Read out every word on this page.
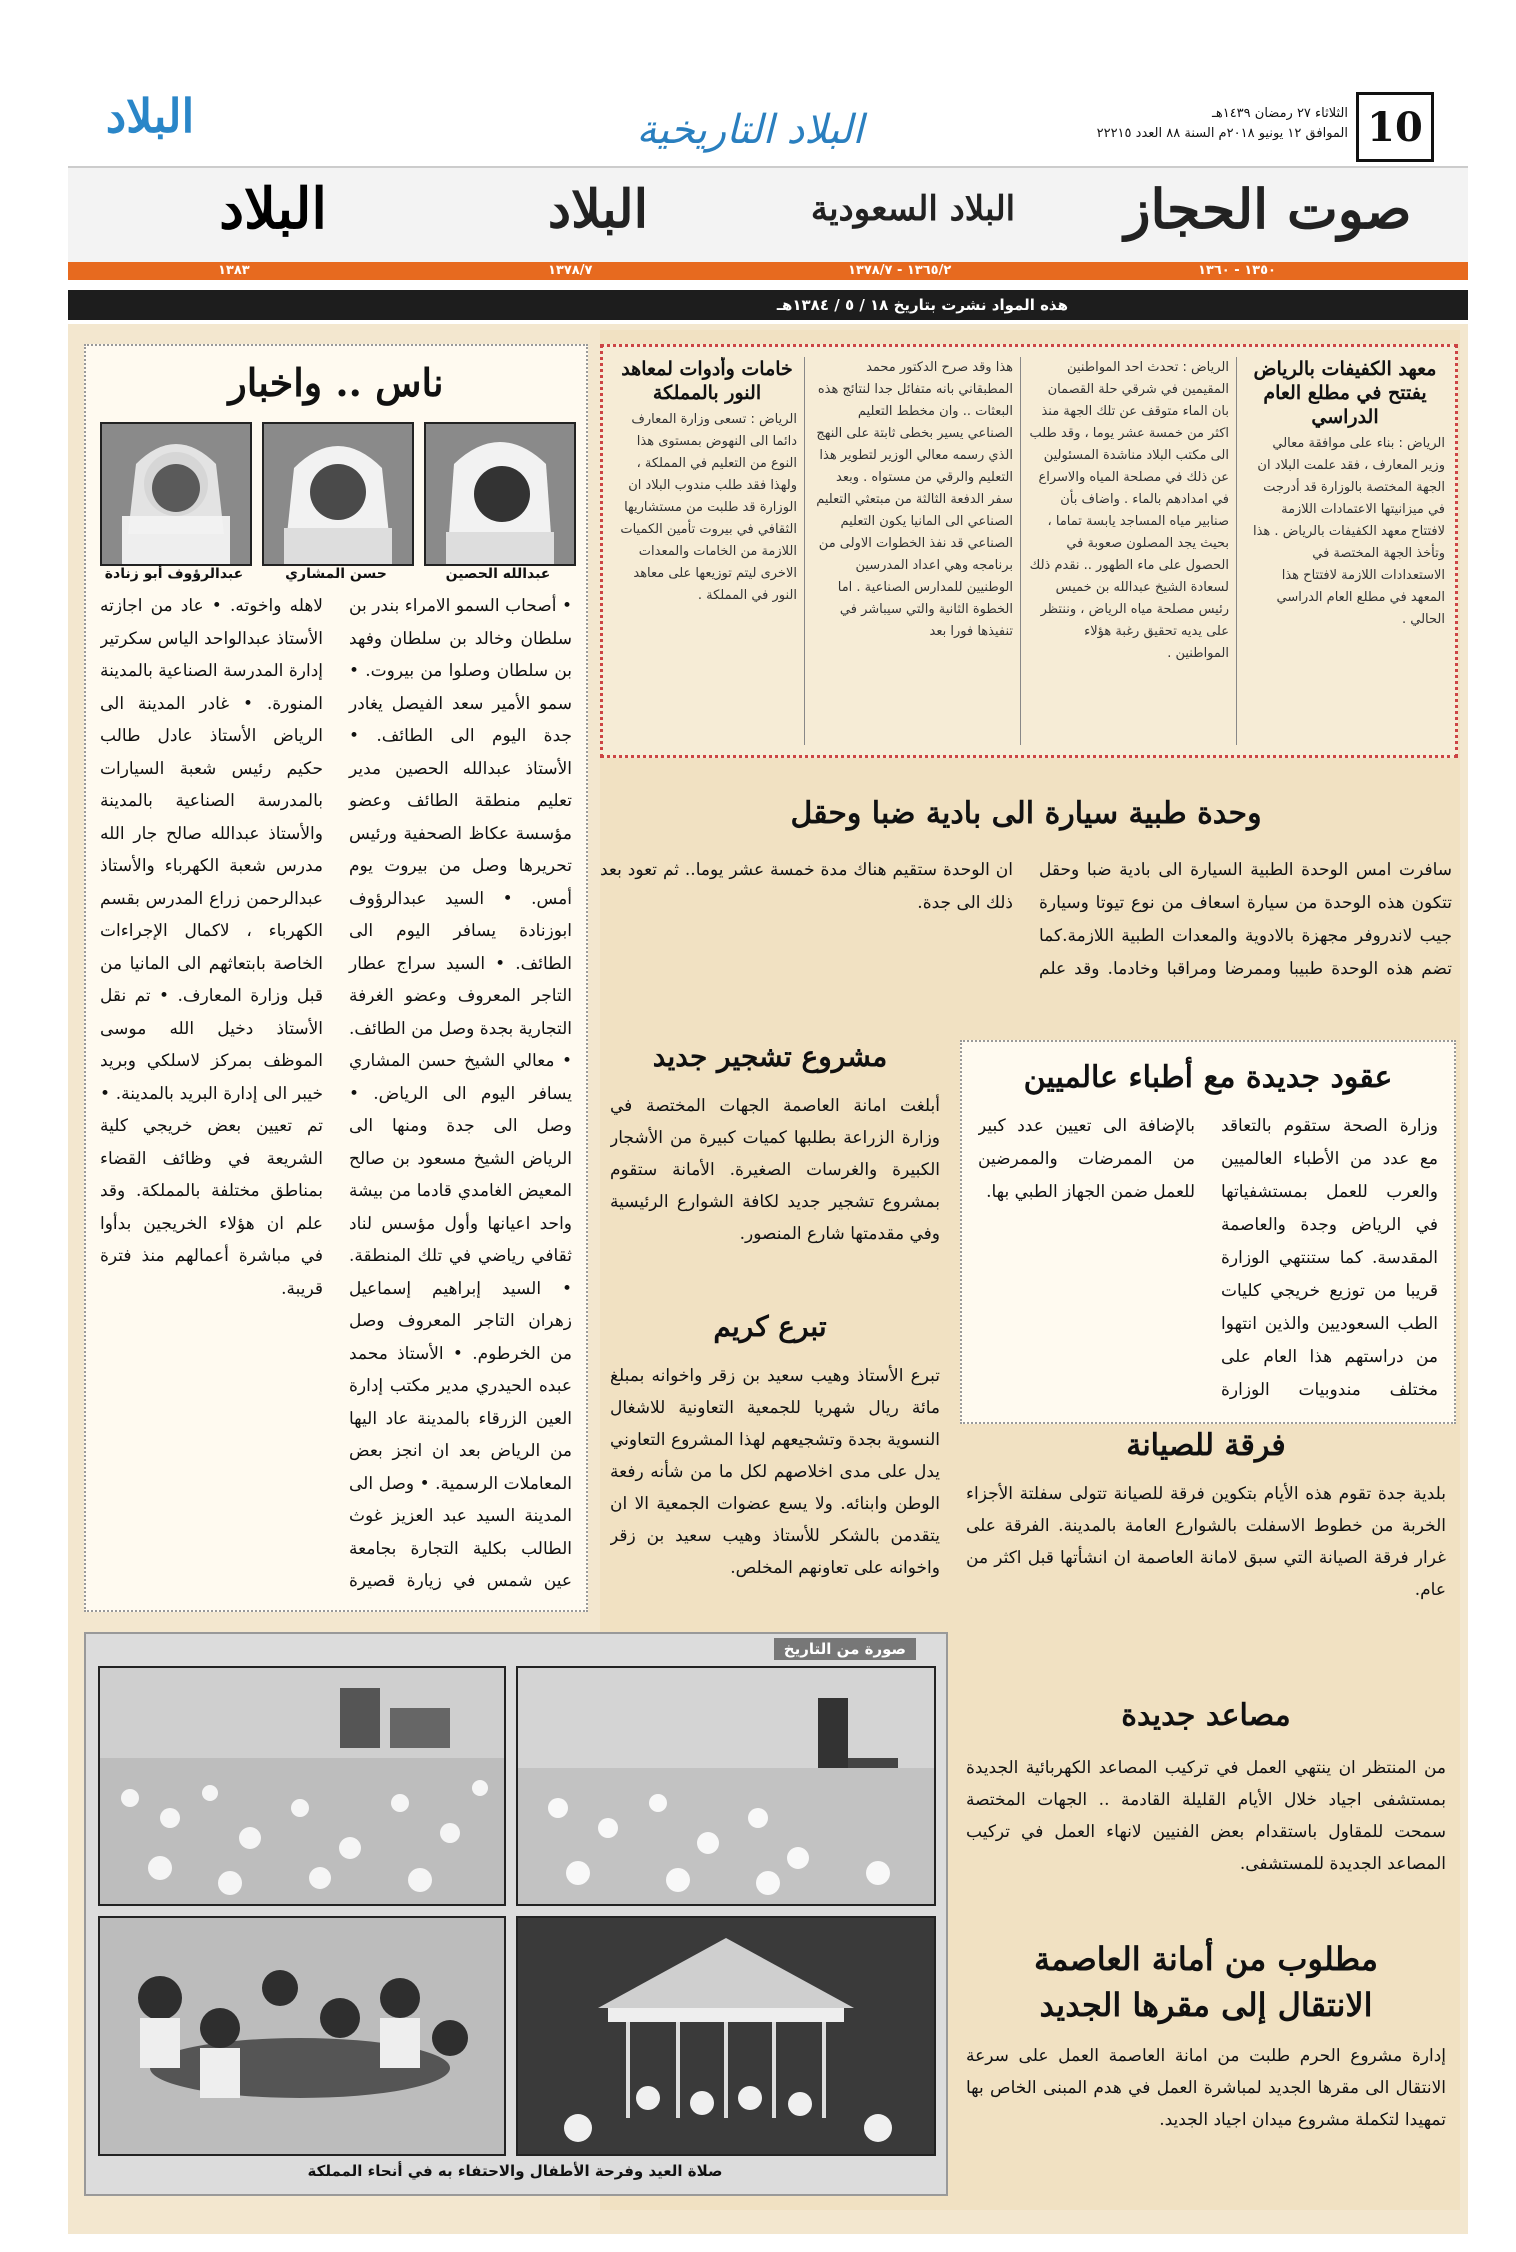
10
الثلاثاء ٢٧ رمضان ١٤٣٩هـ
الموافق ١٢ يونيو ٢٠١٨م السنة ٨٨ العدد ٢٢٢١٥
البلاد التاريخية
البلاد
صوت الحجاز
البلاد السعودية
البلاد
البلاد
١٣٥٠ - ١٣٦٠
١٣٦٥/٢ - ١٣٧٨/٧
١٣٧٨/٧
١٣٨٣
هذه المواد نشرت بتاريخ ١٨ / ٥ / ١٣٨٤هـ
معهد الكفيفات بالرياض يفتتح في مطلع العام الدراسي
الرياض : بناء على موافقة معالي وزير المعارف ، فقد علمت البلاد ان الجهة المختصة بالوزارة قد أدرجت في ميزانيتها الاعتمادات اللازمة لافتتاح معهد الكفيفات بالرياض . هذا وتأخذ الجهة المختصة في الاستعدادات اللازمة لافتتاح هذا المعهد في مطلع العام الدراسي الحالي .
الرياض : تحدث احد المواطنين المقيمين في شرقي حلة القصمان بان الماء متوقف عن تلك الجهة منذ اكثر من خمسة عشر يوما ، وقد طلب الى مكتب البلاد مناشدة المسئولين عن ذلك في مصلحة المياه والاسراع في امدادهم بالماء . واضاف بأن صنابير مياه المساجد يابسة تماما ، بحيث يجد المصلون صعوبة في الحصول على ماء الطهور .. نقدم ذلك لسعادة الشيخ عبدالله بن خميس رئيس مصلحة مياه الرياض ، وننتظر على يديه تحقيق رغبة هؤلاء المواطنين .
هذا وقد صرح الدكتور محمد المطبقاني بانه متفائل جدا لنتائج هذه البعثات .. وان مخطط التعليم الصناعي يسير بخطى ثابتة على النهج الذي رسمه معالي الوزير لتطوير هذا التعليم والرقي من مستواه . وبعد سفر الدفعة الثالثة من مبتعثي التعليم الصناعي الى المانيا يكون التعليم الصناعي قد نفذ الخطوات الاولى من برنامجه وهي اعداد المدرسين الوطنيين للمدارس الصناعية . اما الخطوة الثانية والتي سيباشر في تنفيذها فورا بعد
خامات وأدوات لمعاهد النور بالمملكة
الرياض : تسعى وزارة المعارف دائما الى النهوض بمستوى هذا النوع من التعليم في المملكة ، ولهذا فقد طلب مندوب البلاد ان الوزارة قد طلبت من مستشاريها الثقافي في بيروت تأمين الكميات اللازمة من الخامات والمعدات الاخرى ليتم توزيعها على معاهد النور في المملكة .
ناس .. واخبار
عبدالرؤوف أبو زنادة	حسن المشاري	عبدالله الحصين
• أصحاب السمو الامراء بندر بن سلطان وخالد بن سلطان وفهد بن سلطان وصلوا من بيروت. • سمو الأمير سعد الفيصل يغادر جدة اليوم الى الطائف. • الأستاذ عبدالله الحصين مدير تعليم منطقة الطائف وعضو مؤسسة عكاظ الصحفية ورئيس تحريرها وصل من بيروت يوم أمس. • السيد عبدالرؤوف ابوزنادة يسافر اليوم الى الطائف. • السيد سراج عطار التاجر المعروف وعضو الغرفة التجارية بجدة وصل من الطائف. • معالي الشيخ حسن المشاري يسافر اليوم الى الرياض. • وصل الى جدة ومنها الى الرياض الشيخ مسعود بن صالح المعيض الغامدي قادما من بيشة واحد اعيانها وأول مؤسس لناد ثقافي رياضي في تلك المنطقة. • السيد إبراهيم إسماعيل زهران التاجر المعروف وصل من الخرطوم. • الأستاذ محمد عبده الحيدري مدير مكتب إدارة العين الزرقاء بالمدينة عاد اليها من الرياض بعد ان انجز بعض المعاملات الرسمية. • وصل الى المدينة السيد عبد العزيز غوث الطالب بكلية التجارة بجامعة عين شمس في زيارة قصيرة لاهله واخوته. • عاد من اجازته الأستاذ عبدالواحد الياس سكرتير إدارة المدرسة الصناعية بالمدينة المنورة. • غادر المدينة الى الرياض الأستاذ عادل طالب حكيم رئيس شعبة السيارات بالمدرسة الصناعية بالمدينة والأستاذ عبدالله صالح جار الله مدرس شعبة الكهرباء والأستاذ عبدالرحمن زراع المدرس بقسم الكهرباء ، لاكمال الإجراءات الخاصة بابتعاثهم الى المانيا من قبل وزارة المعارف. • تم نقل الأستاذ دخيل الله موسى الموظف بمركز لاسلكي وبريد خيبر الى إدارة البريد بالمدينة. • تم تعيين بعض خريجي كلية الشريعة في وظائف القضاء بمناطق مختلفة بالمملكة. وقد علم ان هؤلاء الخريجين بدأوا في مباشرة أعمالهم منذ فترة قريبة.
وحدة طبية سيارة الى بادية ضبا وحقل
سافرت امس الوحدة الطبية السيارة الى بادية ضبا وحقل تتكون هذه الوحدة من سيارة اسعاف من نوع تيوتا وسيارة جيب لاندروفر مجهزة بالادوية والمعدات الطبية اللازمة.كما تضم هذه الوحدة طبيبا وممرضا ومراقبا وخادما. وقد علم ان الوحدة ستقيم هناك مدة خمسة عشر يوما.. ثم تعود بعد ذلك الى جدة.
عقود جديدة مع أطباء عالميين
وزارة الصحة ستقوم بالتعاقد مع عدد من الأطباء العالميين والعرب للعمل بمستشفياتها في الرياض وجدة والعاصمة المقدسة. كما ستنتهي الوزارة قريبا من توزيع خريجي كليات الطب السعوديين والذين انتهوا من دراستهم هذا العام على مختلف مندوبيات الوزارة بالإضافة الى تعيين عدد كبير من الممرضات والممرضين للعمل ضمن الجهاز الطبي بها.
مشروع تشجير جديد
أبلغت امانة العاصمة الجهات المختصة في وزارة الزراعة بطلبها كميات كبيرة من الأشجار الكبيرة والغرسات الصغيرة. الأمانة ستقوم بمشروع تشجير جديد لكافة الشوارع الرئيسية وفي مقدمتها شارع المنصور.
تبرع كريم
تبرع الأستاذ وهيب سعيد بن زقر واخوانه بمبلغ مائة ريال شهريا للجمعية التعاونية للاشغال النسوية بجدة وتشجيعهم لهذا المشروع التعاوني يدل على مدى اخلاصهم لكل ما من شأنه رفعة الوطن وابنائه. ولا يسع عضوات الجمعية الا ان يتقدمن بالشكر للأستاذ وهيب سعيد بن زقر واخوانه على تعاونهم المخلص.
فرقة للصيانة
بلدية جدة تقوم هذه الأيام بتكوين فرقة للصيانة تتولى سفلتة الأجزاء الخربة من خطوط الاسفلت بالشوارع العامة بالمدينة. الفرقة على غرار فرقة الصيانة التي سبق لامانة العاصمة ان انشأتها قبل اكثر من عام.
مصاعد جديدة
من المنتظر ان ينتهي العمل في تركيب المصاعد الكهربائية الجديدة بمستشفى اجياد خلال الأيام القليلة القادمة .. الجهات المختصة سمحت للمقاول باستقدام بعض الفنيين لانهاء العمل في تركيب المصاعد الجديدة للمستشفى.
مطلوب من أمانة العاصمة
الانتقال إلى مقرها الجديد
إدارة مشروع الحرم طلبت من امانة العاصمة العمل على سرعة الانتقال الى مقرها الجديد لمباشرة العمل في هدم المبنى الخاص بها تمهيدا لتكملة مشروع ميدان اجياد الجديد.
صورة من التاريخ
صلاة العيد وفرحة الأطفال والاحتفاء به في أنحاء المملكة
